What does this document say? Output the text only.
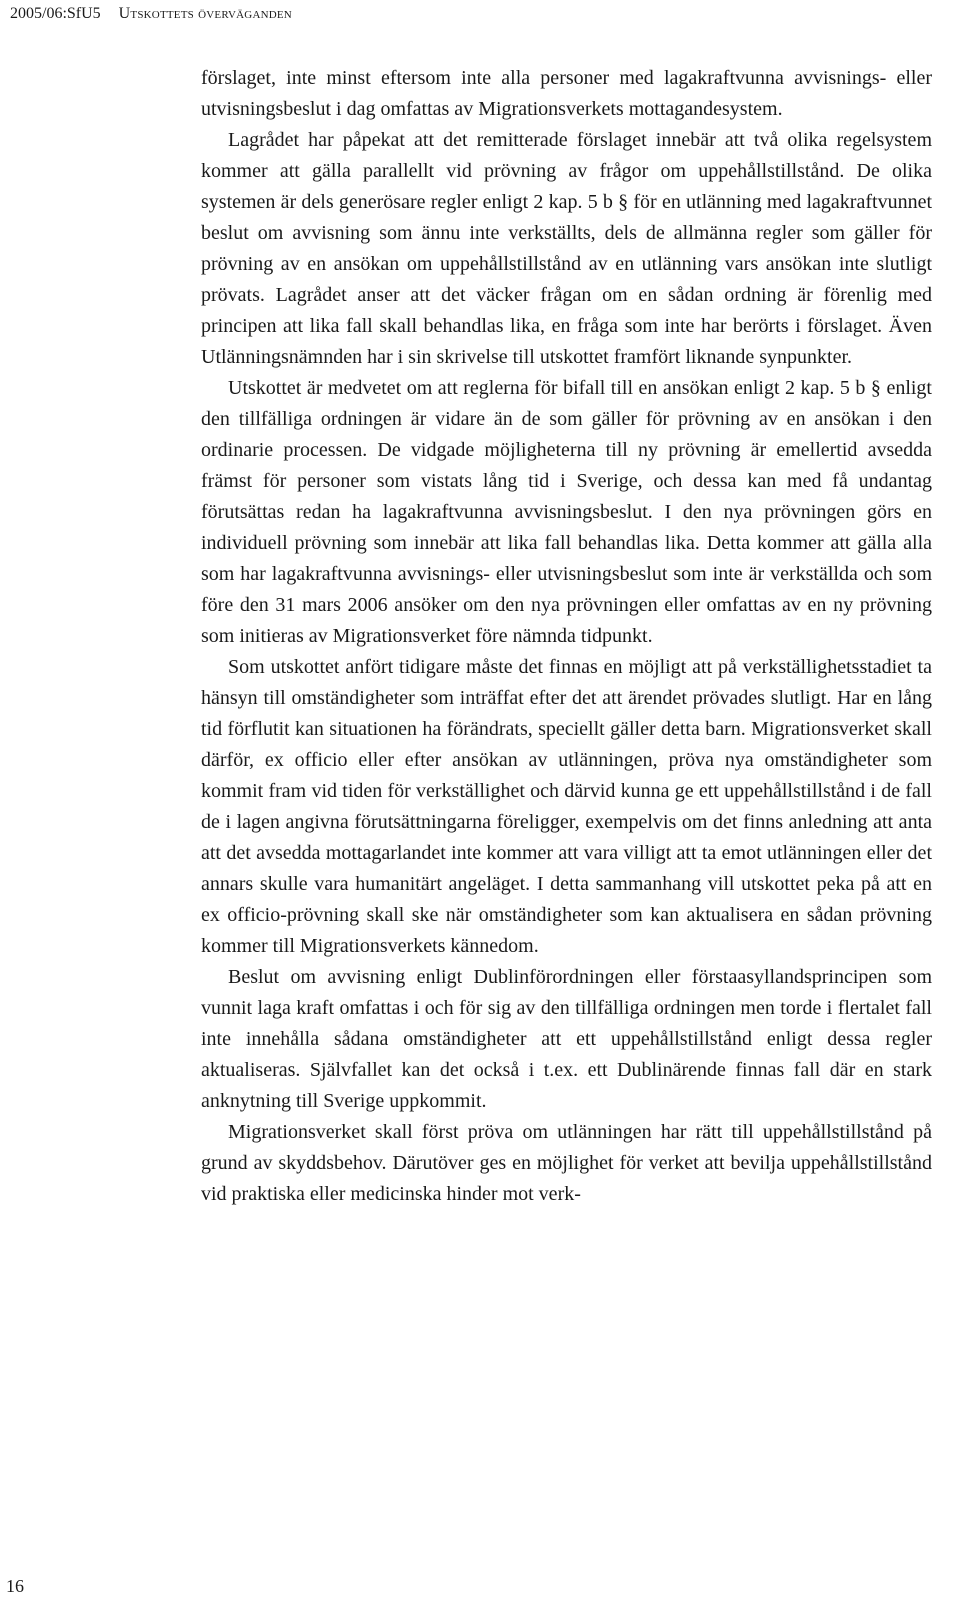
2005/06:SfU5 Utskottets överväganden

förslaget, inte minst eftersom inte alla personer med lagakraftvunna avvisnings- eller utvisningsbeslut i dag omfattas av Migrationsverkets mottagandesystem.

Lagrådet har påpekat att det remitterade förslaget innebär att två olika regelsystem kommer att gälla parallellt vid prövning av frågor om uppehållstillstånd. De olika systemen är dels generösare regler enligt 2 kap. 5 b § för en utlänning med lagakraftvunnet beslut om avvisning som ännu inte verkställts, dels de allmänna regler som gäller för prövning av en ansökan om uppehållstillstånd av en utlänning vars ansökan inte slutligt prövats. Lagrådet anser att det väcker frågan om en sådan ordning är förenlig med principen att lika fall skall behandlas lika, en fråga som inte har berörts i förslaget. Även Utlänningsnämnden har i sin skrivelse till utskottet framfört liknande synpunkter.

Utskottet är medvetet om att reglerna för bifall till en ansökan enligt 2 kap. 5 b § enligt den tillfälliga ordningen är vidare än de som gäller för prövning av en ansökan i den ordinarie processen. De vidgade möjligheterna till ny prövning är emellertid avsedda främst för personer som vistats lång tid i Sverige, och dessa kan med få undantag förutsättas redan ha lagakraftvunna avvisningsbeslut. I den nya prövningen görs en individuell prövning som innebär att lika fall behandlas lika. Detta kommer att gälla alla som har lagakraftvunna avvisnings- eller utvisningsbeslut som inte är verkställda och som före den 31 mars 2006 ansöker om den nya prövningen eller omfattas av en ny prövning som initieras av Migrationsverket före nämnda tidpunkt.

Som utskottet anfört tidigare måste det finnas en möjligt att på verkställighetsstadiet ta hänsyn till omständigheter som inträffat efter det att ärendet prövades slutligt. Har en lång tid förflutit kan situationen ha förändrats, speciellt gäller detta barn. Migrationsverket skall därför, ex officio eller efter ansökan av utlänningen, pröva nya omständigheter som kommit fram vid tiden för verkställighet och därvid kunna ge ett uppehållstillstånd i de fall de i lagen angivna förutsättningarna föreligger, exempelvis om det finns anledning att anta att det avsedda mottagarlandet inte kommer att vara villigt att ta emot utlänningen eller det annars skulle vara humanitärt angeläget. I detta sammanhang vill utskottet peka på att en ex officio-prövning skall ske när omständigheter som kan aktualisera en sådan prövning kommer till Migrationsverkets kännedom.

Beslut om avvisning enligt Dublinförordningen eller förstaasyllandsprincipen som vunnit laga kraft omfattas i och för sig av den tillfälliga ordningen men torde i flertalet fall inte innehålla sådana omständigheter att ett uppehållstillstånd enligt dessa regler aktualiseras. Självfallet kan det också i t.ex. ett Dublinärende finnas fall där en stark anknytning till Sverige uppkommit.

Migrationsverket skall först pröva om utlänningen har rätt till uppehållstillstånd på grund av skyddsbehov. Därutöver ges en möjlighet för verket att bevilja uppehållstillstånd vid praktiska eller medicinska hinder mot verk-

16
